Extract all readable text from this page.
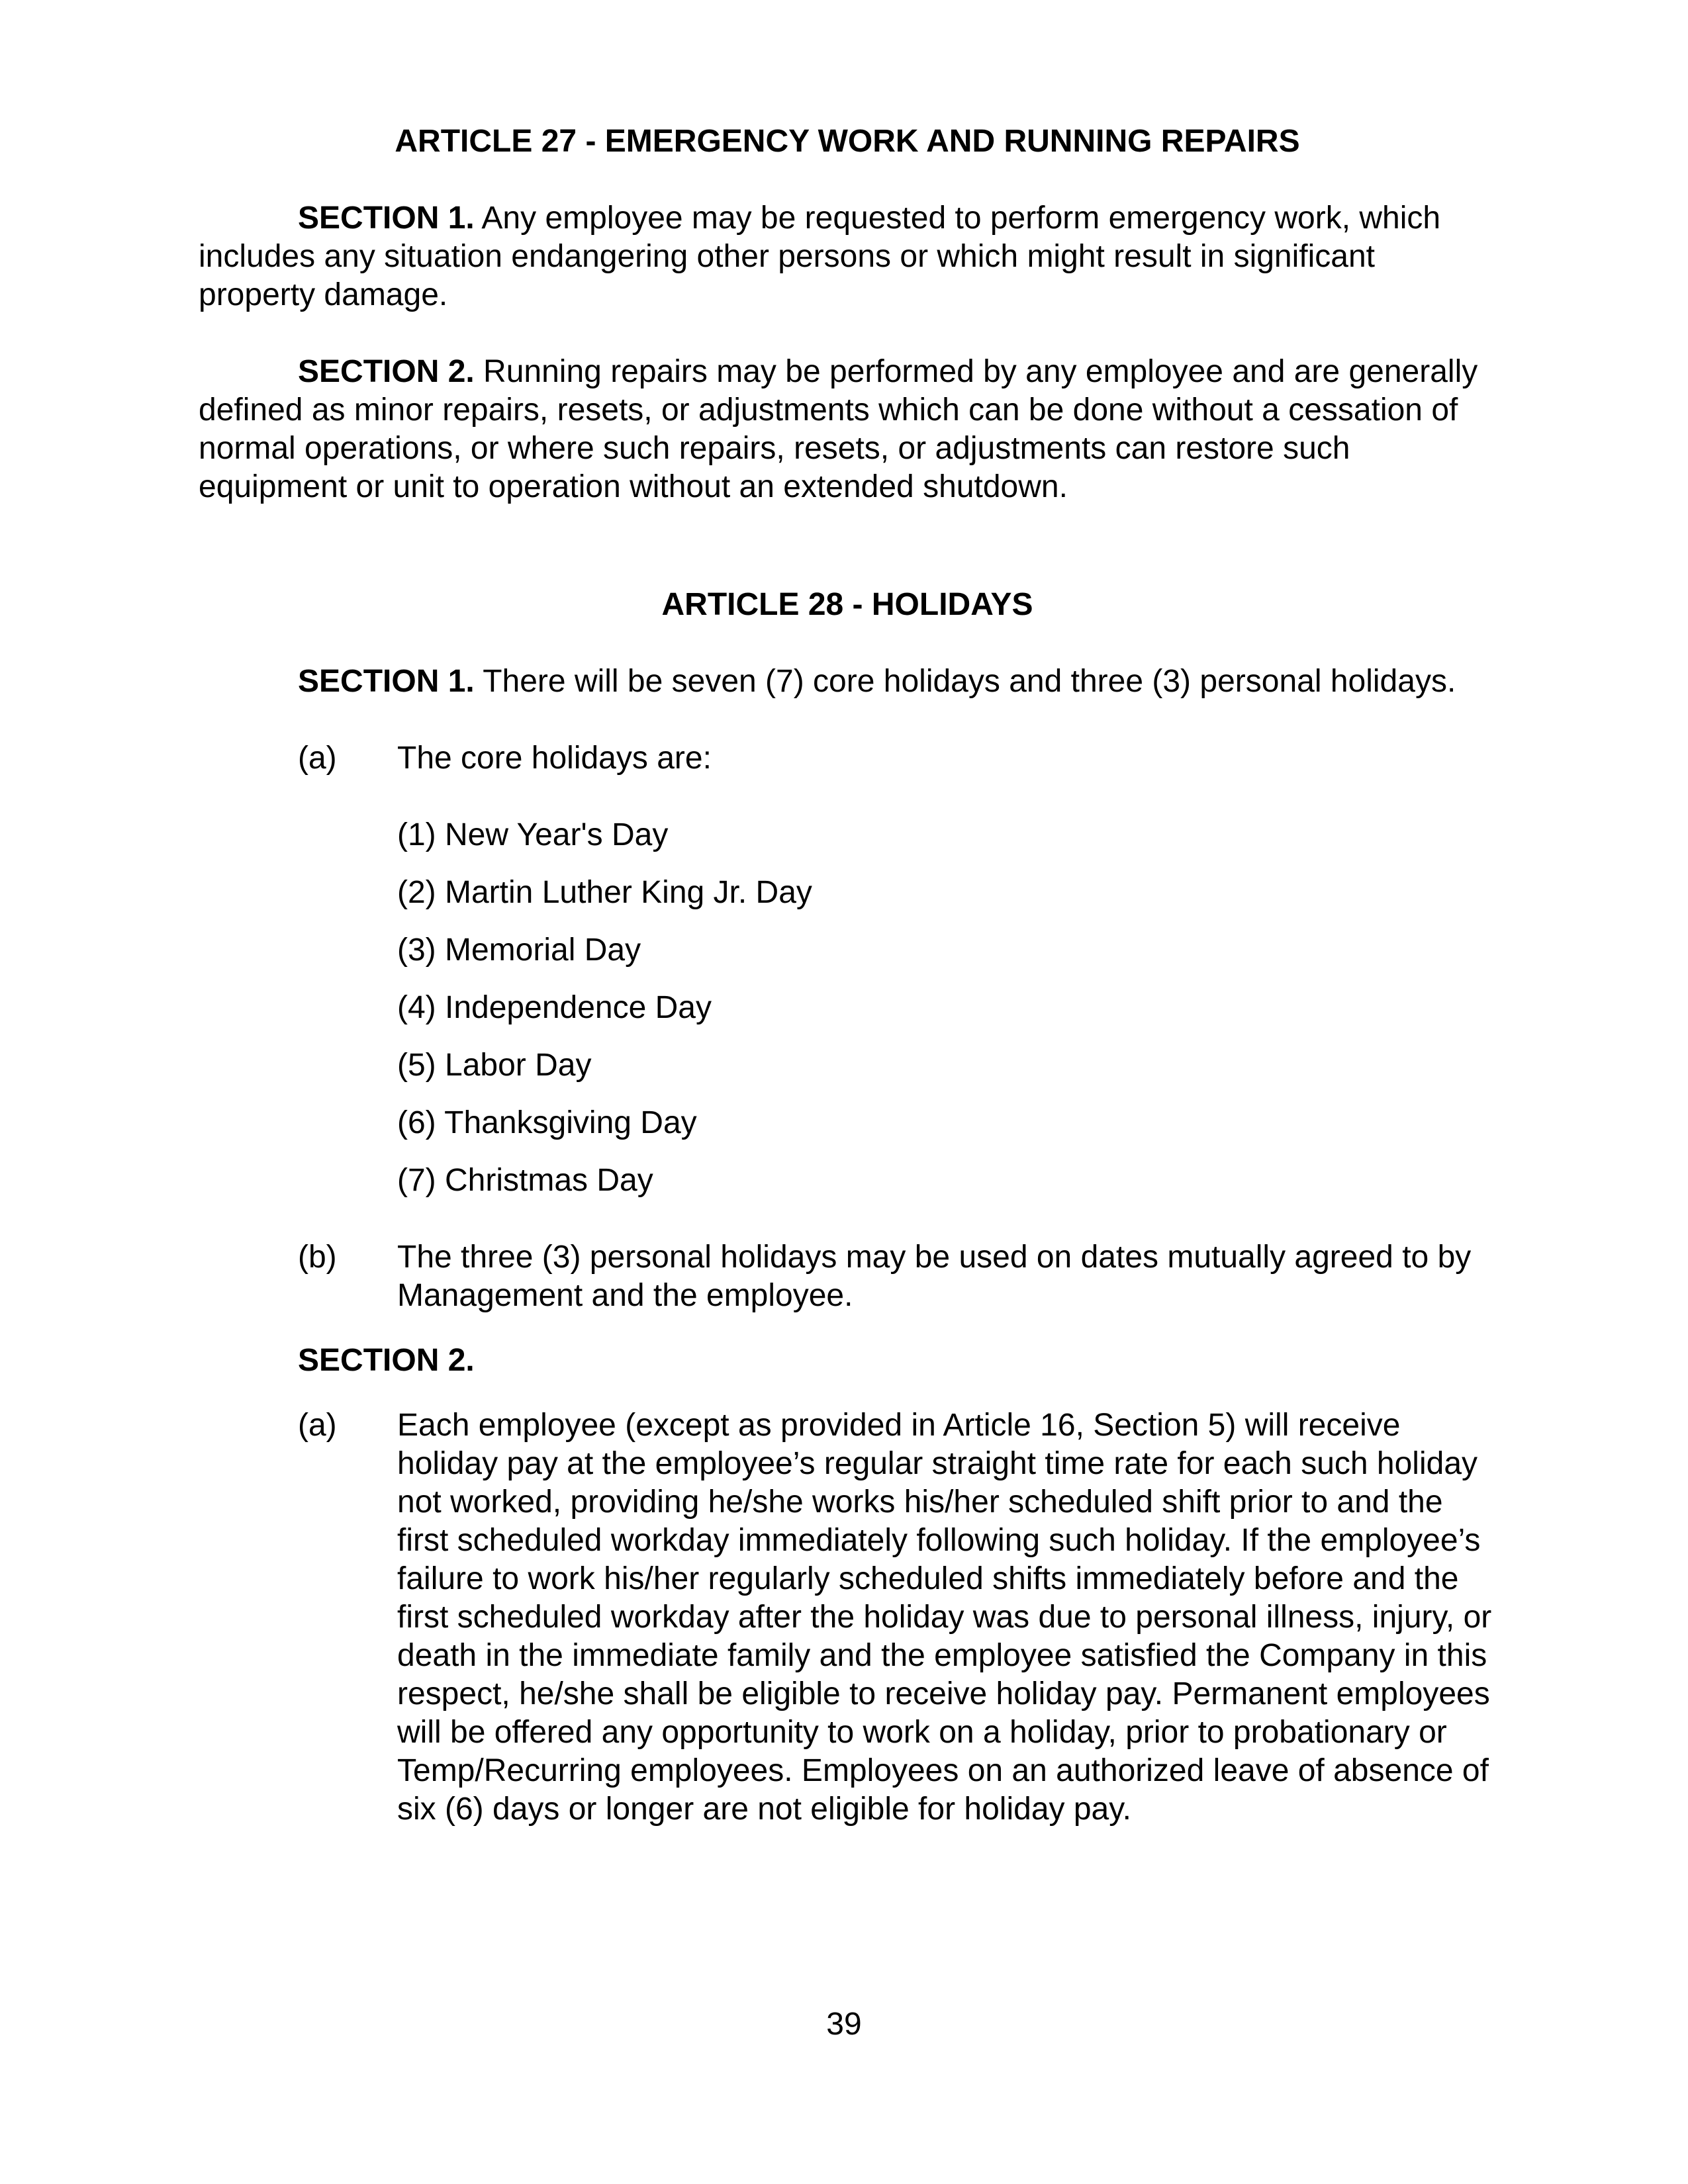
ARTICLE 27 - EMERGENCY WORK AND RUNNING REPAIRS

SECTION 1. Any employee may be requested to perform emergency work, which includes any situation endangering other persons or which might result in significant property damage.

SECTION 2. Running repairs may be performed by any employee and are generally defined as minor repairs, resets, or adjustments which can be done without a cessation of normal operations, or where such repairs, resets, or adjustments can restore such equipment or unit to operation without an extended shutdown.

ARTICLE 28 - HOLIDAYS

SECTION 1. There will be seven (7) core holidays and three (3) personal holidays.

(a)	The core holidays are:
(1) New Year's Day
(2) Martin Luther King Jr. Day
(3) Memorial Day
(4) Independence Day
(5) Labor Day
(6) Thanksgiving Day
(7) Christmas Day
(b)	The three (3) personal holidays may be used on dates mutually agreed to by Management and the employee.

SECTION 2.

(a)	Each employee (except as provided in Article 16, Section 5) will receive holiday pay at the employee’s regular straight time rate for each such holiday not worked, providing he/she works his/her scheduled shift prior to and the first scheduled workday immediately following such holiday. If the employee’s failure to work his/her regularly scheduled shifts immediately before and the first scheduled workday after the holiday was due to personal illness, injury, or death in the immediate family and the employee satisfied the Company in this respect, he/she shall be eligible to receive holiday pay. Permanent employees will be offered any opportunity to work on a holiday, prior to probationary or Temp/Recurring employees. Employees on an authorized leave of absence of six (6) days or longer are not eligible for holiday pay.
39
